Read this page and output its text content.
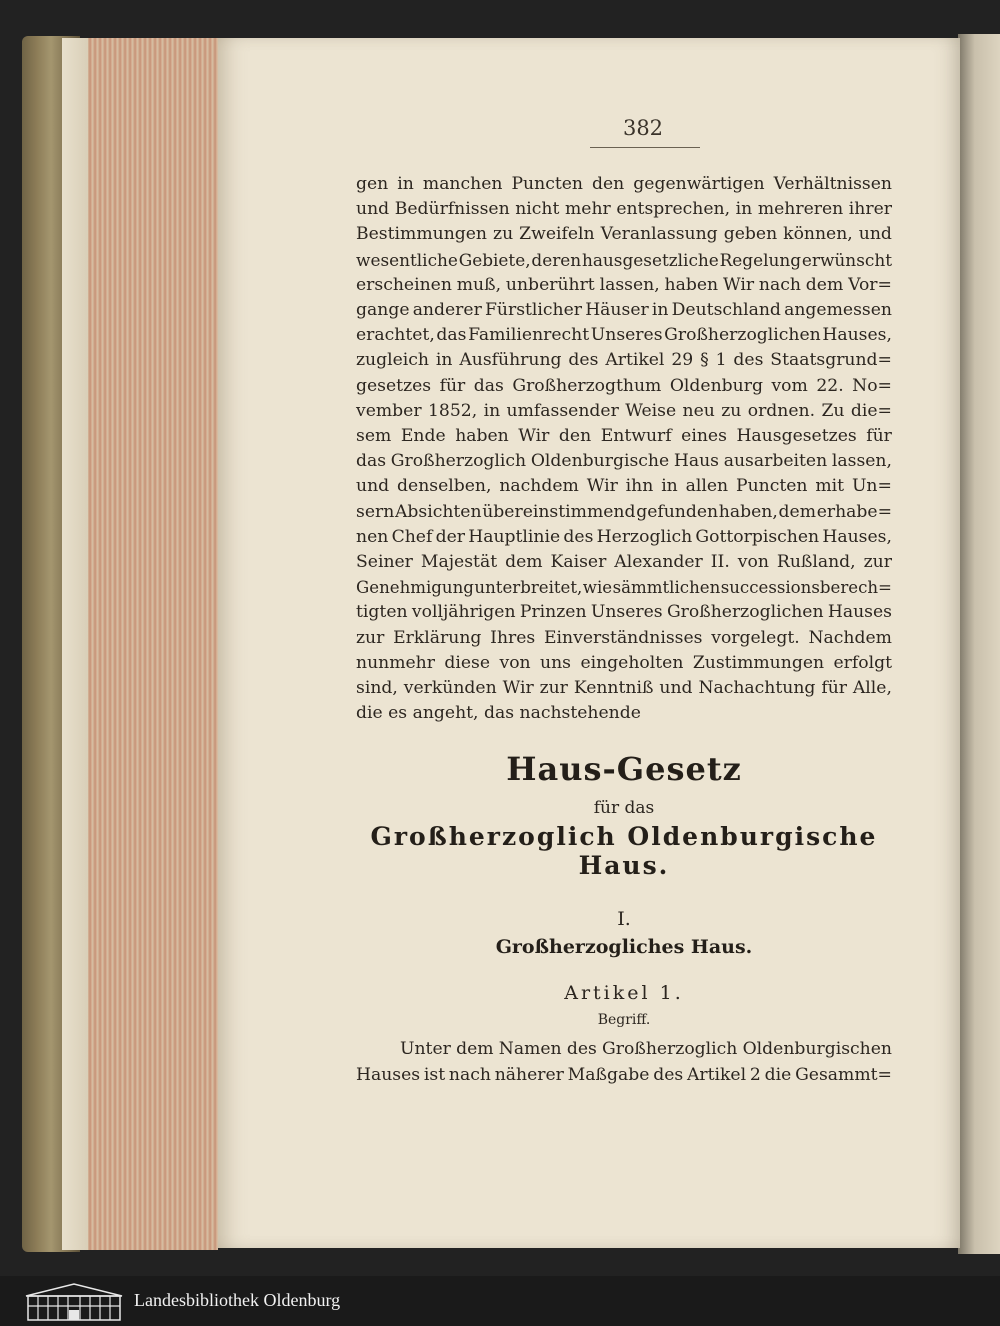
382
gen in manchen Puncten den gegenwärtigen Verhältnissen
und Bedürfnissen nicht mehr entsprechen, in mehreren ihrer
Bestimmungen zu Zweifeln Veranlassung geben können, und
wesentliche Gebiete, deren hausgesetzliche Regelung erwünscht
erscheinen muß, unberührt lassen, haben Wir nach dem Vor=
gange anderer Fürstlicher Häuser in Deutschland angemessen
erachtet, das Familienrecht Unseres Großherzoglichen Hauses,
zugleich in Ausführung des Artikel 29 § 1 des Staatsgrund=
gesetzes für das Großherzogthum Oldenburg vom 22. No=
vember 1852, in umfassender Weise neu zu ordnen. Zu die=
sem Ende haben Wir den Entwurf eines Hausgesetzes für
das Großherzoglich Oldenburgische Haus ausarbeiten lassen,
und denselben, nachdem Wir ihn in allen Puncten mit Un=
sern Absichten übereinstimmend gefunden haben, dem erhabe=
nen Chef der Hauptlinie des Herzoglich Gottorpischen Hauses,
Seiner Majestät dem Kaiser Alexander II. von Rußland, zur
Genehmigung unterbreitet, wie sämmtlichen successionsberech=
tigten volljährigen Prinzen Unseres Großherzoglichen Hauses
zur Erklärung Ihres Einverständnisses vorgelegt. Nachdem
nunmehr diese von uns eingeholten Zustimmungen erfolgt
sind, verkünden Wir zur Kenntniß und Nachachtung für Alle,
die es angeht, das nachstehende
Haus-Gesetz
für das
Großherzoglich Oldenburgische Haus.
I.
Großherzogliches Haus.
Artikel 1.
Begriff.
Unter dem Namen des Großherzoglich Oldenburgischen
Hauses ist nach näherer Maßgabe des Artikel 2 die Gesammt=
Landesbibliothek Oldenburg
